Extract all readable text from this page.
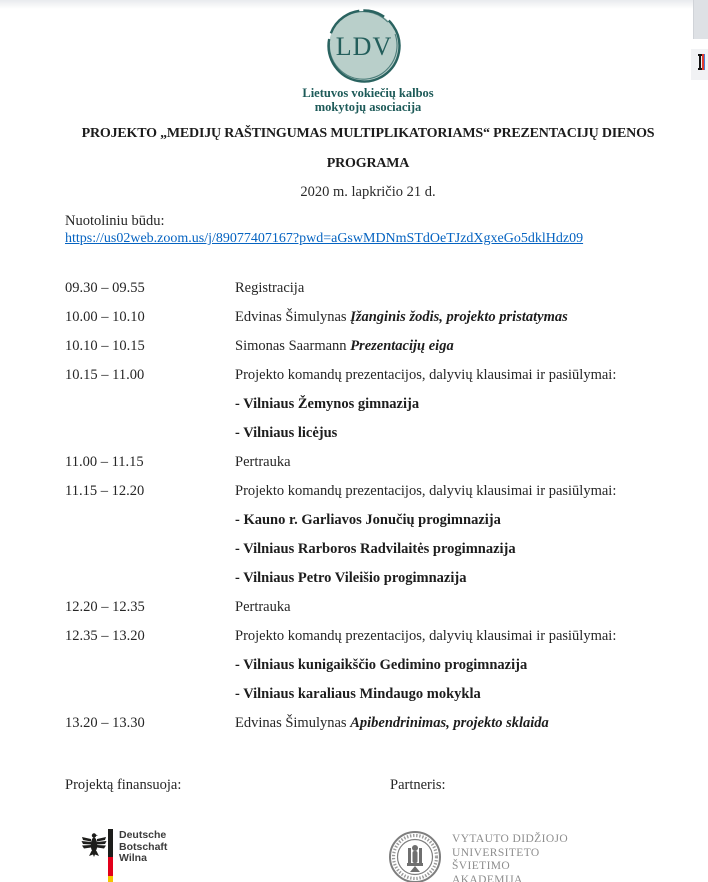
LDV
Lietuvos vokiečių kalbos
mokytojų asociacija
PROJEKTO „MEDIJŲ RAŠTINGUMAS MULTIPLIKATORIAMS“ PREZENTACIJŲ DIENOS
PROGRAMA
2020 m. lapkričio 21 d.
Nuotoliniu būdu:
https://us02web.zoom.us/j/89077407167?pwd=aGswMDNmSTdOeTJzdXgxeGo5dklHdz09
09.30 – 09.55	Registracija
10.00 – 10.10	Edvinas Šimulynas Įžanginis žodis, projekto pristatymas
10.10 – 10.15	Simonas Saarmann Prezentacijų eiga
10.15 – 11.00	Projekto komandų prezentacijos, dalyvių klausimai ir pasiūlymai:
- Vilniaus Žemynos gimnazija
- Vilniaus licėjus
11.00 – 11.15	Pertrauka
11.15 – 12.20	Projekto komandų prezentacijos, dalyvių klausimai ir pasiūlymai:
- Kauno r. Garliavos Jonučių progimnazija
- Vilniaus Rarboros Radvilaitės progimnazija
- Vilniaus Petro Vileišio progimnazija
12.20 – 12.35	Pertrauka
12.35 – 13.20	Projekto komandų prezentacijos, dalyvių klausimai ir pasiūlymai:
- Vilniaus kunigaikščio Gedimino progimnazija
- Vilniaus karaliaus Mindaugo mokykla
13.20 – 13.30	Edvinas Šimulynas Apibendrinimas, projekto sklaida
Projektą finansuoja:	Partneris:
Deutsche
Botschaft
Wilna
VYTAUTO DIDŽIOJO
UNIVERSITETO
ŠVIETIMO
AKADEMIJA
